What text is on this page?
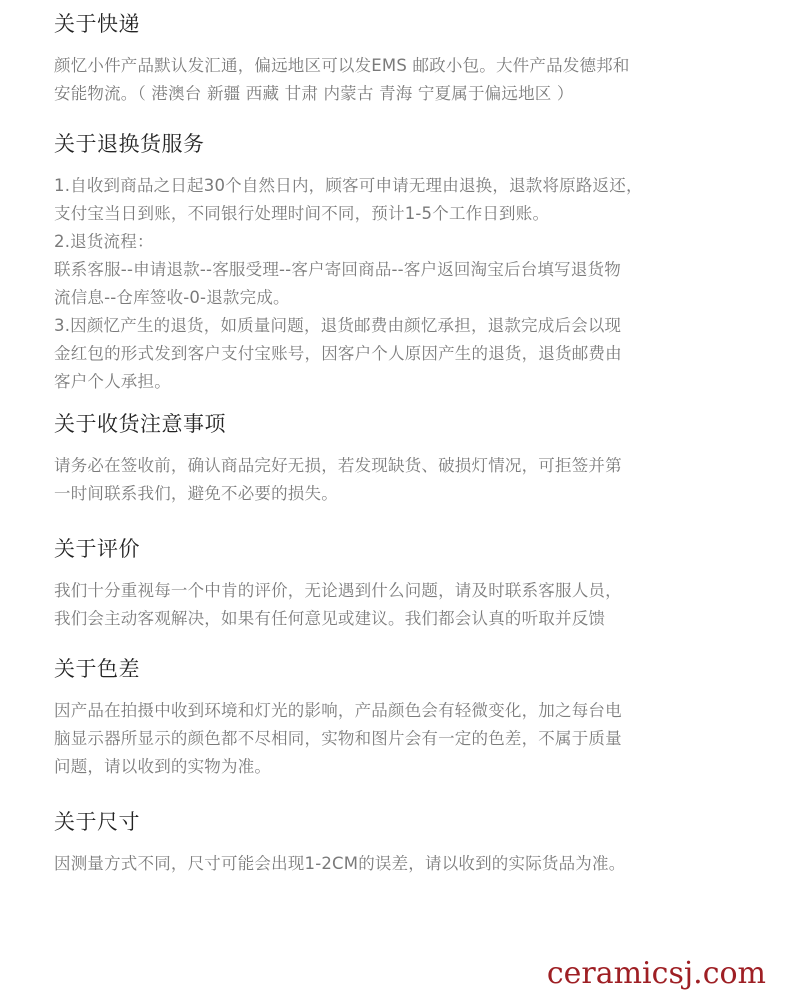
关于快递
颜忆小件产品默认发汇通，偏远地区可以发EMS 邮政小包。大件产品发德邦和
安能物流。（ 港澳台 新疆 西藏 甘肃 内蒙古 青海 宁夏属于偏远地区 ）
关于退换货服务
1.自收到商品之日起30个自然日内，顾客可申请无理由退换，退款将原路返还，
支付宝当日到账，不同银行处理时间不同，预计1-5个工作日到账。
2.退货流程：
联系客服--申请退款--客服受理--客户寄回商品--客户返回淘宝后台填写退货物
流信息--仓库签收-0-退款完成。
3.因颜忆产生的退货，如质量问题，退货邮费由颜忆承担，退款完成后会以现
金红包的形式发到客户支付宝账号，因客户个人原因产生的退货，退货邮费由
客户个人承担。
关于收货注意事项
请务必在签收前，确认商品完好无损，若发现缺货、破损灯情况，可拒签并第
一时间联系我们，避免不必要的损失。
关于评价
我们十分重视每一个中肯的评价，无论遇到什么问题，请及时联系客服人员，
我们会主动客观解决，如果有任何意见或建议。我们都会认真的听取并反馈
关于色差
因产品在拍摄中收到环境和灯光的影响，产品颜色会有轻微变化，加之每台电
脑显示器所显示的颜色都不尽相同，实物和图片会有一定的色差，不属于质量
问题，请以收到的实物为准。
关于尺寸
因测量方式不同，尺寸可能会出现1-2CM的误差，请以收到的实际货品为准。
ceramicsj.com
